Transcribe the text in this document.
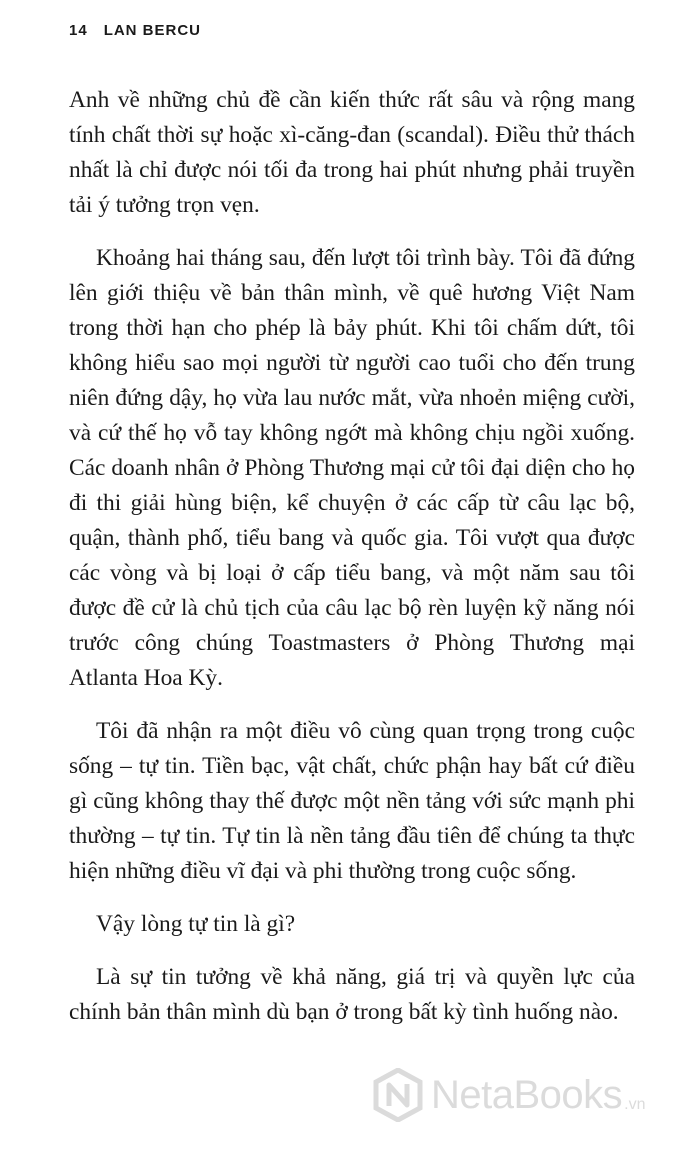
14 LAN BERCU

Anh về những chủ đề cần kiến thức rất sâu và rộng mang tính chất thời sự hoặc xì-căng-đan (scandal). Điều thử thách nhất là chỉ được nói tối đa trong hai phút nhưng phải truyền tải ý tưởng trọn vẹn.

Khoảng hai tháng sau, đến lượt tôi trình bày. Tôi đã đứng lên giới thiệu về bản thân mình, về quê hương Việt Nam trong thời hạn cho phép là bảy phút. Khi tôi chấm dứt, tôi không hiểu sao mọi người từ người cao tuổi cho đến trung niên đứng dậy, họ vừa lau nước mắt, vừa nhoẻn miệng cười, và cứ thế họ vỗ tay không ngớt mà không chịu ngồi xuống. Các doanh nhân ở Phòng Thương mại cử tôi đại diện cho họ đi thi giải hùng biện, kể chuyện ở các cấp từ câu lạc bộ, quận, thành phố, tiểu bang và quốc gia. Tôi vượt qua được các vòng và bị loại ở cấp tiểu bang, và một năm sau tôi được đề cử là chủ tịch của câu lạc bộ rèn luyện kỹ năng nói trước công chúng Toastmasters ở Phòng Thương mại Atlanta Hoa Kỳ.

Tôi đã nhận ra một điều vô cùng quan trọng trong cuộc sống – tự tin. Tiền bạc, vật chất, chức phận hay bất cứ điều gì cũng không thay thế được một nền tảng với sức mạnh phi thường – tự tin. Tự tin là nền tảng đầu tiên để chúng ta thực hiện những điều vĩ đại và phi thường trong cuộc sống.

Vậy lòng tự tin là gì?

Là sự tin tưởng về khả năng, giá trị và quyền lực của chính bản thân mình dù bạn ở trong bất kỳ tình huống nào.

NetaBooks .vn
